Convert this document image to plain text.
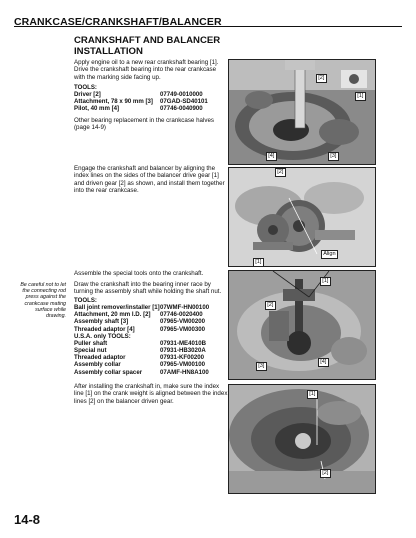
CRANKCASE/CRANKSHAFT/BALANCER
CRANKSHAFT AND BALANCER
INSTALLATION
Apply engine oil to a new rear crankshaft bearing [1].
Drive the crankshaft bearing into the rear crankcase
with the marking side facing up.
TOOLS:
Driver [2]	07749-0010000
Attachment, 78 x 90 mm [3]	07GAD-SD40101
Pilot, 40 mm [4]	07746-0040900
Other bearing replacement in the crankcase halves
(page 14-9)
[2]
[1]
[4]	[3]
Engage the crankshaft and balancer by aligning the
index lines on the sides of the balancer drive gear [1]
and driven gear [2] as shown, and install them together
into the rear crankcase.
[2]
[1]
Align
Assemble the special tools onto the crankshaft.
Be careful not to let
the connecting rod
press against the
crankcase mating
surface while
drawing.
Draw the crankshaft into the bearing inner race by
turning the assembly shaft while holding the shaft nut.
TOOLS:
Ball joint remover/installer [1] 07WMF-HN00100
Attachment, 20 mm I.D. [2]	07746-0020400
Assembly shaft [3]	07965-VM00200
Threaded adaptor [4]	07965-VM00300
U.S.A. only TOOLS:
Puller shaft	07931-ME4010B
Special nut	07931-HB3020A
Threaded adaptor	07931-KF00200
Assembly collar	07965-VM00100
Assembly collar spacer	07AMF-HN8A100
[1]
[2]
[3]
[4]
After installing the crankshaft in, make sure the index
line [1] on the crank weight is aligned between the index
lines [2] on the balancer driven gear.
[1]
[2]
14-8
